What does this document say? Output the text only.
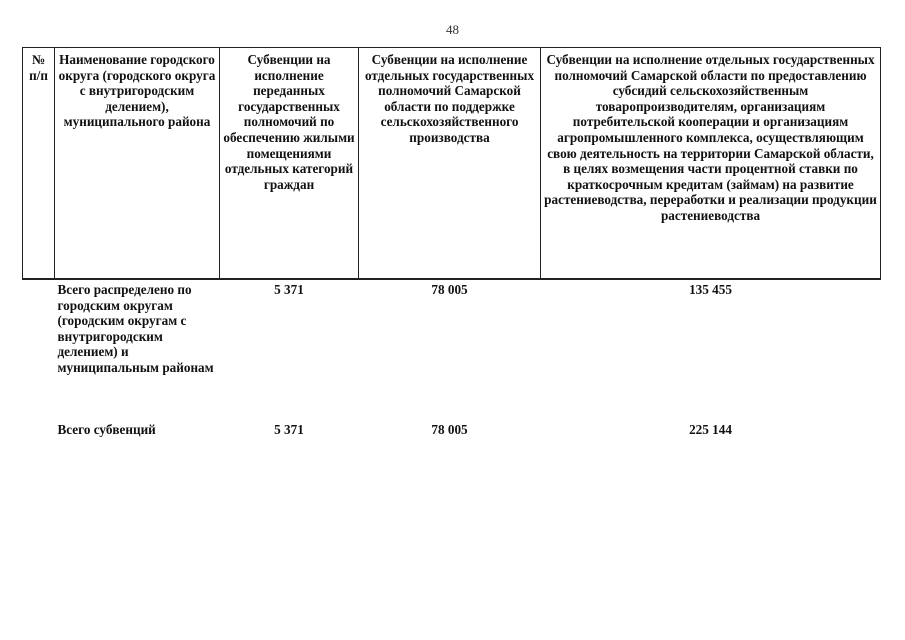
48
№ п/п	Наименование городского округа (городского округа с внутригородским делением), муниципального района	Субвенции на исполнение переданных государственных полномочий по обеспечению жилыми помещениями отдельных категорий граждан	Субвенции на исполнение отдельных государственных полномочий Самарской области по поддержке сельскохозяйственного производства	Субвенции на исполнение отдельных государственных полномочий Самарской области по предоставлению субсидий сельскохозяйственным товаропроизводителям, организациям потребительской кооперации и организациям агропромышленного комплекса, осуществляющим свою деятельность на территории Самарской области, в целях возмещения части процентной ставки по краткосрочным кредитам (займам) на развитие растениеводства, переработки и реализации продукции растениеводства
	Всего распределено по городским округам (городским округам с внутригородским делением) и муниципальным районам	5 371	78 005	135 455
	Всего субвенций	5 371	78 005	225 144
